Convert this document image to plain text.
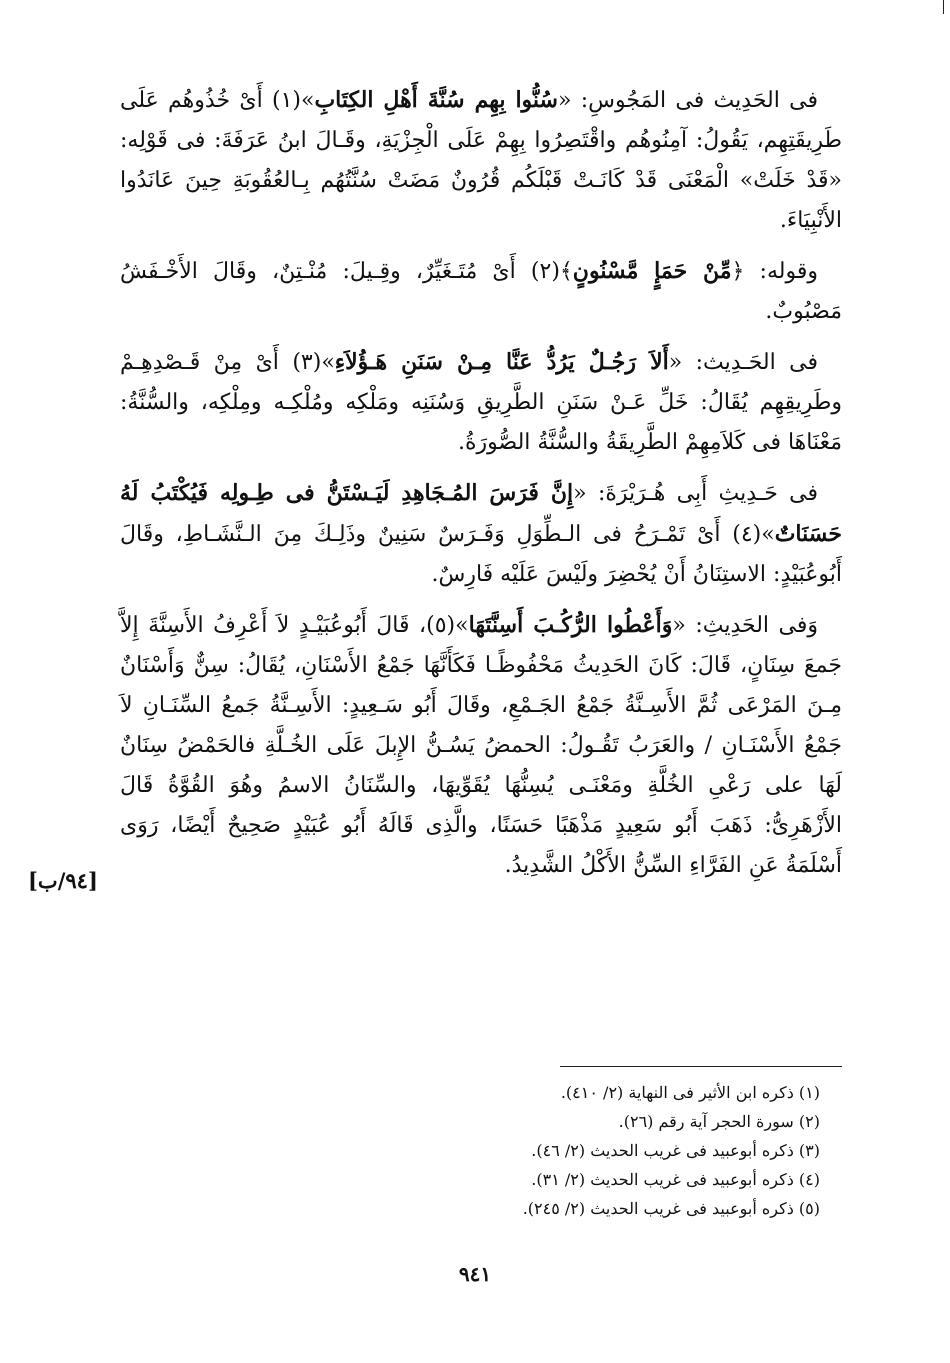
فى الحَدِيث فى المَجُوسِ: «سُنُّوا بِهِم سُنَّةَ أَهْلِ الكِتَابِ»(١) أَىْ خُذُوهُم عَلَى طَرِيقَتِهِم، يَقُولُ: آمِنُوهُم واقْتَصِرُوا بِهِمْ عَلَى الْجِزْيَةِ، وقَـالَ ابنُ عَرَفَةَ: فى قَوْلِه: «قَدْ خَلَتْ» الْمَعْنَى قَدْ كَانَـتْ قَبْلَكُم قُرُونٌ مَضَتْ سُنَّتُهُم بِـالعُقُوبَةِ حِينَ عَانَدُوا الأَنْبِيَاءَ.

وقوله: ﴿مِّنْ حَمَإٍ مَّسْنُونٍ﴾(٢) أَىْ مُتَـغَيِّرٌ، وقِـيلَ: مُنْـتِنٌ، وقَالَ الأَخْـفَشُ مَصْبُوبٌ.

فى الحَـدِيث: «أَلاَ رَجُـلٌ يَرُدُّ عَنَّا مِـنْ سَنَنِ هَـؤُلاَءِ»(٣) أَىْ مِنْ قَـصْدِهِـمْ وطَرِيقِهِم يُقَالُ: خَلِّ عَـنْ سَنَنِ الطَّرِيقِ وَسُنَنِه ومَلْكِه ومُلْكِـه ومِلْكِه، والسُّنَّةُ: مَعْنَاهَا فى كَلاَمِهِمْ الطَّرِيقَةُ والسُّنَّةُ الصُّورَةُ.

فى حَـدِيثِ أَبِى هُـرَيْرَةَ: «إِنَّ فَرَسَ المُـجَاهِدِ لَيَـسْتَنُّ فى طِـولِه فَيُكْتَبُ لَهُ حَسَنَاتٌ»(٤) أَىْ تَمْـرَحُ فى الـطِّوَلِ وَفَـرَسٌ سَنِينٌ وذَلِـكَ مِنَ الـنَّشَـاطِ، وقَالَ أَبُوعُبَيْدٍ: الاستِنَانُ أَنْ يُحْضِرَ ولَيْسَ عَلَيْه فَارِسٌ.

وَفى الحَدِيثِ: «وَأَعْطُوا الرُّكُـبَ أَسِنَّتَهَا»(٥)، قَالَ أَبُوعُبَيْـدٍ لاَ أَعْرِفُ الأَسِنَّةَ إِلاَّ جَمعَ سِنَانٍ، قَالَ: كَانَ الحَدِيثُ مَحْفُوظًـا فَكَأَنَّهَا جَمْعُ الأَسْنَانِ، يُقَالُ: سِنٌّ وَأَسْنَانٌ مِـنَ المَرْعَى ثُمَّ الأَسِـنَّةُ جَمْعُ الجَـمْعِ، وقَالَ أَبُو سَـعِيدٍ: الأَسِـنَّةُ جَمعُ السِّنَـانِ لاَ جَمْعُ الأَسْنَـانِ / والعَرَبُ تَقُـولُ: الحمضُ يَسُـنُّ الإِبلَ عَلَى الخُـلَّةِ فالحَمْضُ سِنَانٌ لَهَا على رَعْىِ الخُلَّةِ ومَعْنَـى يُسِنُّهَا يُقَوِّيهَا، والسِّنَانُ الاسمُ وهُوَ القُوَّةُ قَالَ الأَزْهَرِىُّ: ذَهَبَ أَبُو سَعِيدٍ مَذْهَبًا حَسَنًا، والَّذِى قَالَهُ أَبُو عُبَيْدٍ صَحِيحٌ أَيْضًا، رَوَى أَسْلَمَةُ عَنِ الفَرَّاءِ السِّنُّ الأَكْلُ الشَّدِيدُ.

[٩٤/ب]
(١) ذكره ابن الأثير فى النهاية (٢/ ٤١٠).
(٢) سورة الحجر آية رقم (٢٦).
(٣) ذكره أبوعبيد فى غريب الحديث (٢/ ٤٦).
(٤) ذكره أبوعبيد فى غريب الحديث (٢/ ٣١).
(٥) ذكره أبوعبيد فى غريب الحديث (٢/ ٢٤٥).
٩٤١
